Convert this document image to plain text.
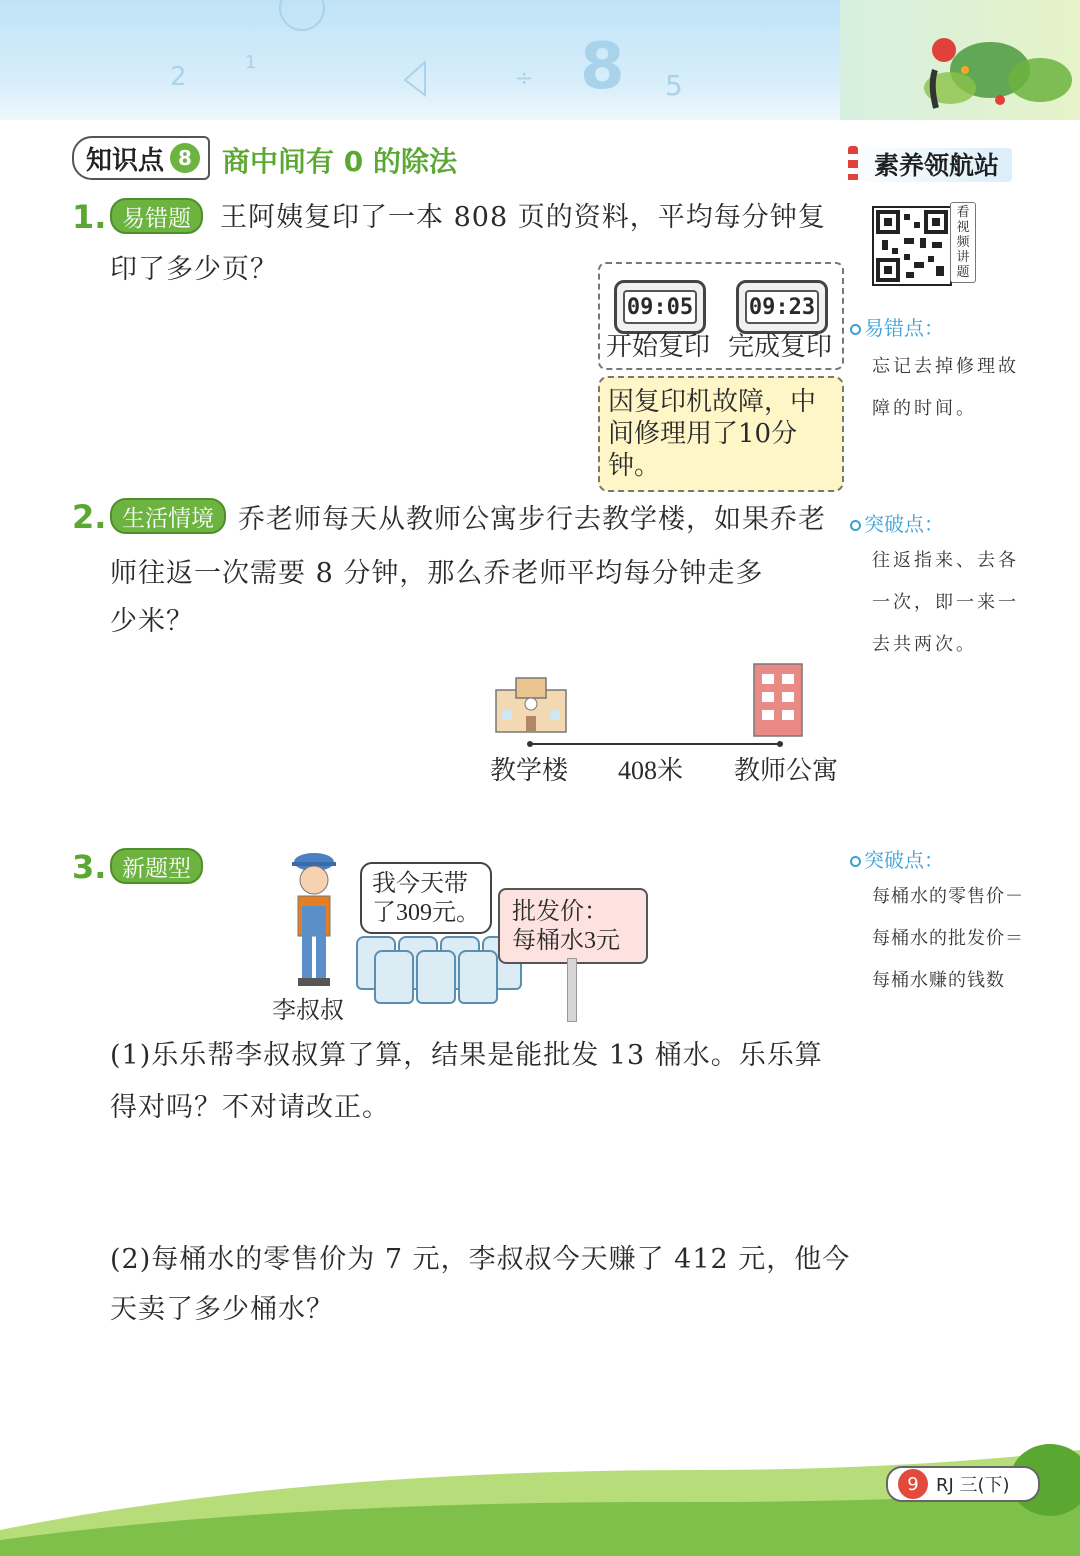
2	1
÷ 8 5
知识点 8 商中间有 0 的除法	素养领航站
看视频讲题
1. 易错题	王阿姨复印了一本 808 页的资料，平均每分钟复
印了多少页？
09:05	09:23
开始复印 完成复印
因复印机故障，中
间修理用了10分钟。
易错点：
忘记去掉修理故
障的时间。
2. 生活情境 乔老师每天从教师公寓步行去教学楼，如果乔老
师往返一次需要 8 分钟，那么乔老师平均每分钟走多
少米？
教学楼 408米 教师公寓
突破点：
往返指来、去各
一次，即一来一
去共两次。
3. 新题型
我今天带
了309元。
李叔叔
批发价：
每桶水3元
(1)乐乐帮李叔叔算了算，结果是能批发 13 桶水。乐乐算
得对吗？不对请改正。
(2)每桶水的零售价为 7 元，李叔叔今天赚了 412 元，他今
天卖了多少桶水？
突破点：
每桶水的零售价－
每桶水的批发价＝
每桶水赚的钱数
9 RJ 三(下)
